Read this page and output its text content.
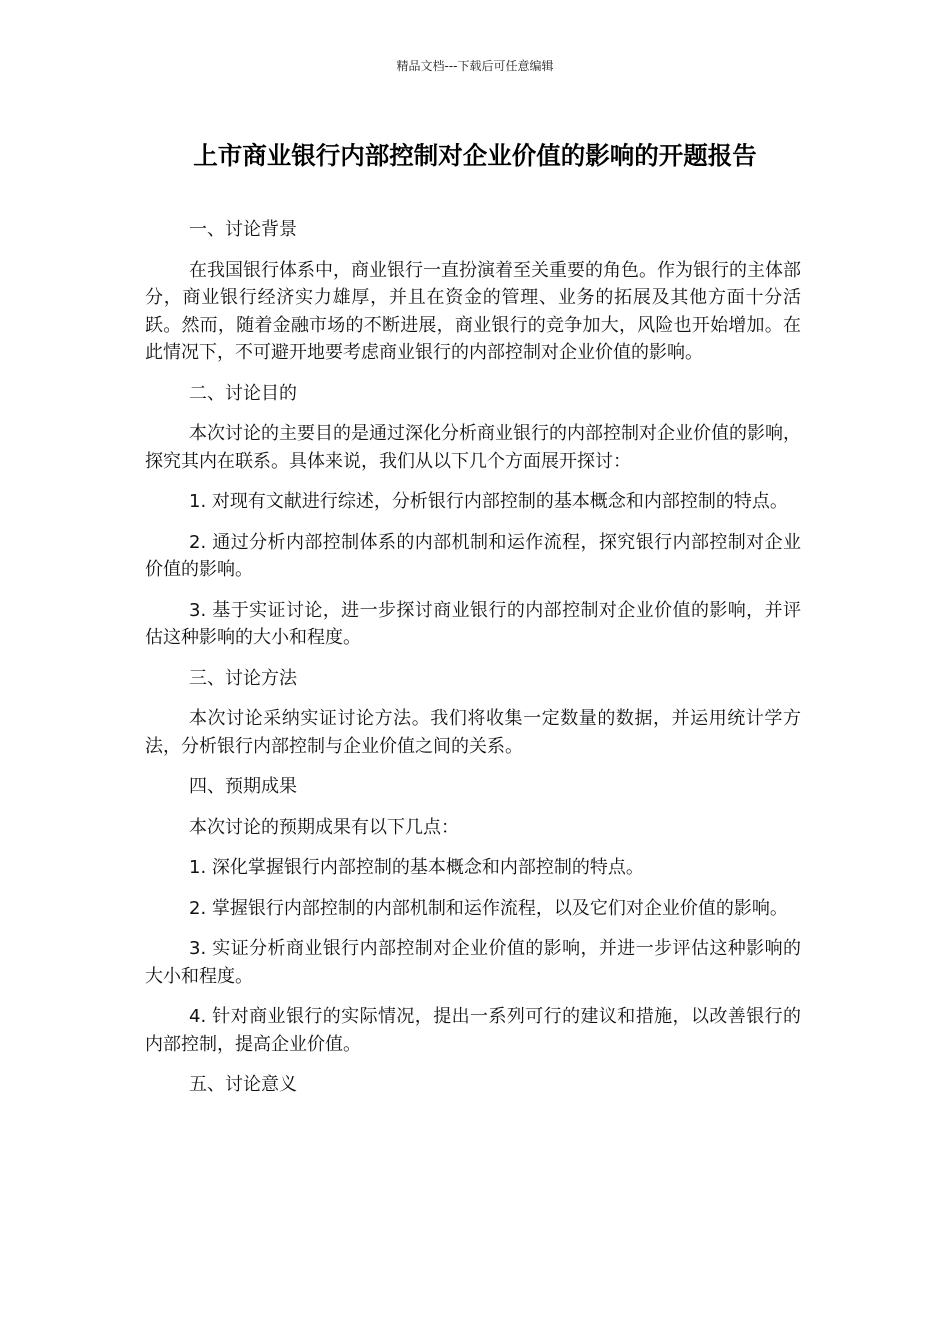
精品文档---下载后可任意编辑
上市商业银行内部控制对企业价值的影响的开题报告

一、讨论背景

在我国银行体系中，商业银行一直扮演着至关重要的角色。作为银行的主体部分，商业银行经济实力雄厚，并且在资金的管理、业务的拓展及其他方面十分活跃。然而，随着金融市场的不断进展，商业银行的竞争加大，风险也开始增加。在此情况下，不可避开地要考虑商业银行的内部控制对企业价值的影响。

二、讨论目的

本次讨论的主要目的是通过深化分析商业银行的内部控制对企业价值的影响，探究其内在联系。具体来说，我们从以下几个方面展开探讨：

1. 对现有文献进行综述，分析银行内部控制的基本概念和内部控制的特点。

2. 通过分析内部控制体系的内部机制和运作流程，探究银行内部控制对企业价值的影响。

3. 基于实证讨论，进一步探讨商业银行的内部控制对企业价值的影响，并评估这种影响的大小和程度。

三、讨论方法

本次讨论采纳实证讨论方法。我们将收集一定数量的数据，并运用统计学方法，分析银行内部控制与企业价值之间的关系。

四、预期成果

本次讨论的预期成果有以下几点：

1. 深化掌握银行内部控制的基本概念和内部控制的特点。

2. 掌握银行内部控制的内部机制和运作流程，以及它们对企业价值的影响。

3. 实证分析商业银行内部控制对企业价值的影响，并进一步评估这种影响的大小和程度。

4. 针对商业银行的实际情况，提出一系列可行的建议和措施，以改善银行的内部控制，提高企业价值。

五、讨论意义
